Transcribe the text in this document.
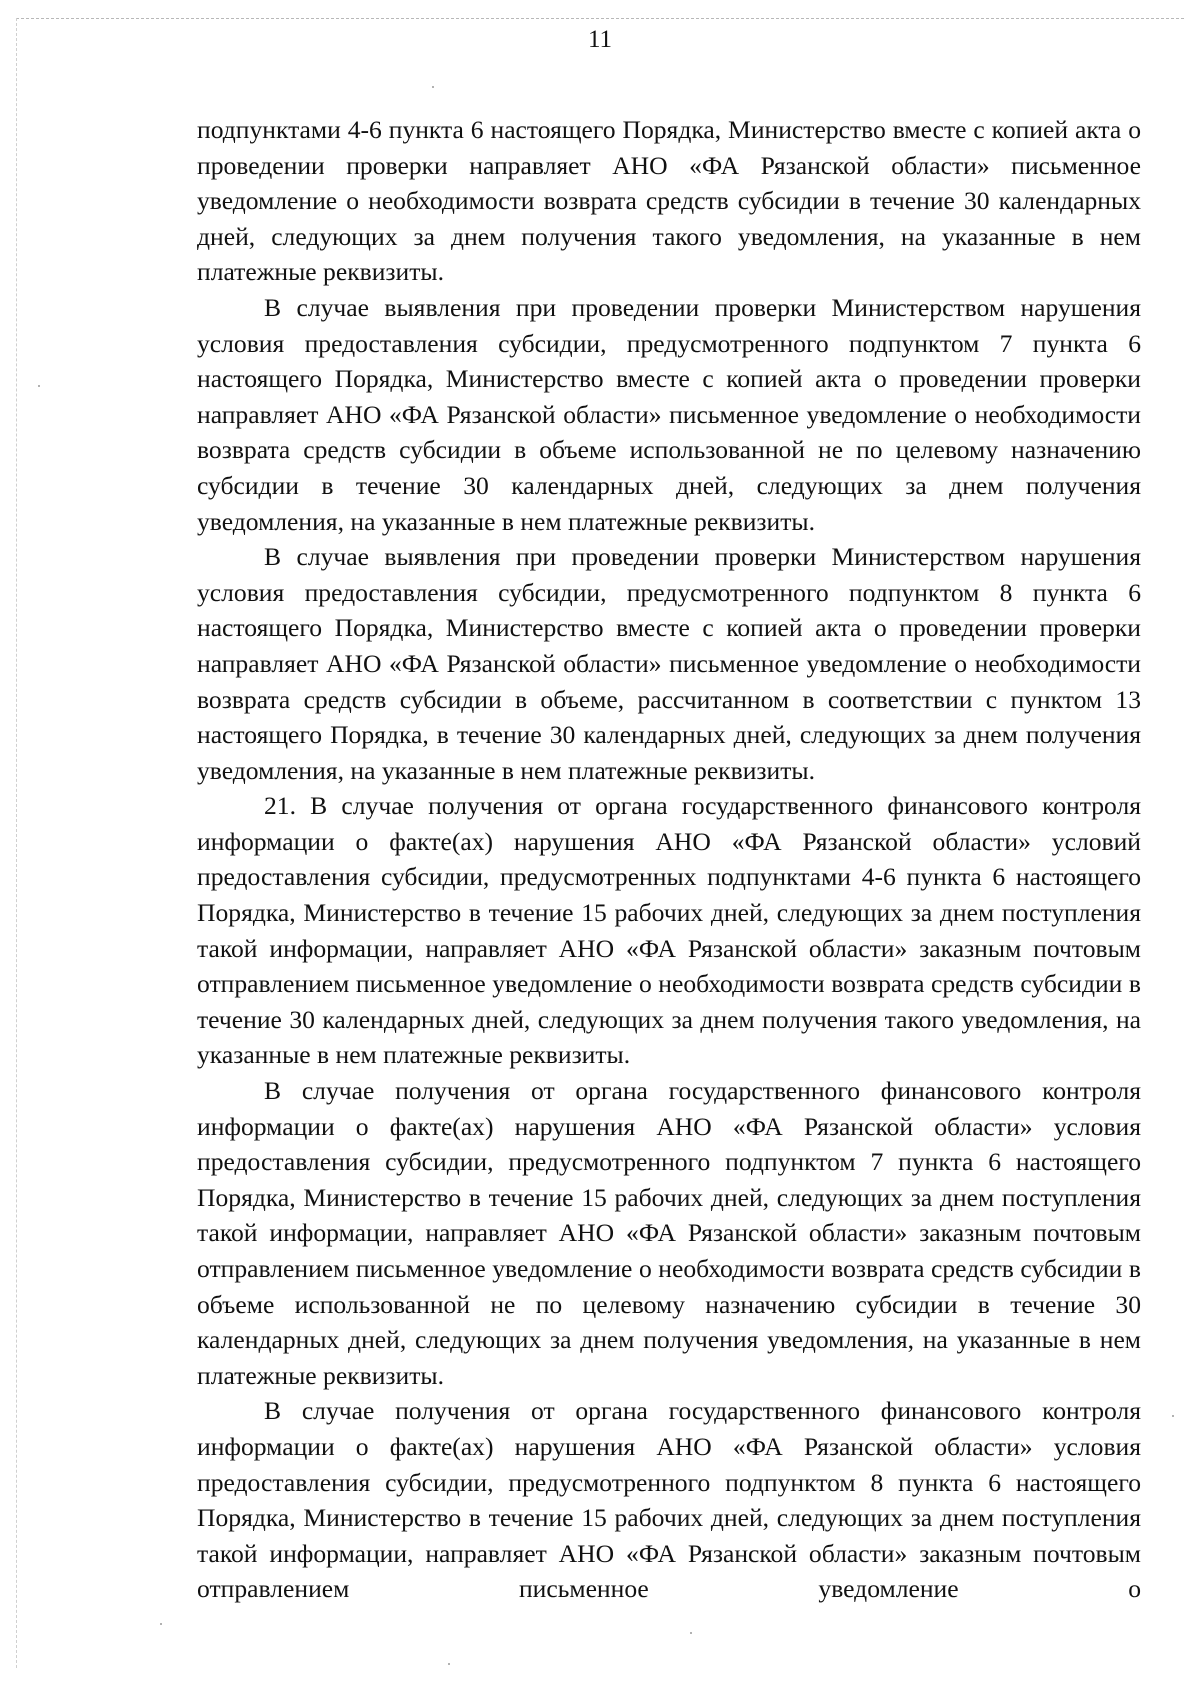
11

подпунктами 4-6 пункта 6 настоящего Порядка, Министерство вместе с копией акта о проведении проверки направляет АНО «ФА Рязанской области» письменное уведомление о необходимости возврата средств субсидии в течение 30 календарных дней, следующих за днем получения такого уведомления, на указанные в нем платежные реквизиты.

В случае выявления при проведении проверки Министерством нарушения условия предоставления субсидии, предусмотренного подпунктом 7 пункта 6 настоящего Порядка, Министерство вместе с копией акта о проведении проверки направляет АНО «ФА Рязанской области» письменное уведомление о необходимости возврата средств субсидии в объеме использованной не по целевому назначению субсидии в течение 30 календарных дней, следующих за днем получения уведомления, на указанные в нем платежные реквизиты.

В случае выявления при проведении проверки Министерством нарушения условия предоставления субсидии, предусмотренного подпунктом 8 пункта 6 настоящего Порядка, Министерство вместе с копией акта о проведении проверки направляет АНО «ФА Рязанской области» письменное уведомление о необходимости возврата средств субсидии в объеме, рассчитанном в соответствии с пунктом 13 настоящего Порядка, в течение 30 календарных дней, следующих за днем получения уведомления, на указанные в нем платежные реквизиты.

21. В случае получения от органа государственного финансового контроля информации о факте(ах) нарушения АНО «ФА Рязанской области» условий предоставления субсидии, предусмотренных подпунктами 4-6 пункта 6 настоящего Порядка, Министерство в течение 15 рабочих дней, следующих за днем поступления такой информации, направляет АНО «ФА Рязанской области» заказным почтовым отправлением письменное уведомление о необходимости возврата средств субсидии в течение 30 календарных дней, следующих за днем получения такого уведомления, на указанные в нем платежные реквизиты.

В случае получения от органа государственного финансового контроля информации о факте(ах) нарушения АНО «ФА Рязанской области» условия предоставления субсидии, предусмотренного подпунктом 7 пункта 6 настоящего Порядка, Министерство в течение 15 рабочих дней, следующих за днем поступления такой информации, направляет АНО «ФА Рязанской области» заказным почтовым отправлением письменное уведомление о необходимости возврата средств субсидии в объеме использованной не по целевому назначению субсидии в течение 30 календарных дней, следующих за днем получения уведомления, на указанные в нем платежные реквизиты.

В случае получения от органа государственного финансового контроля информации о факте(ах) нарушения АНО «ФА Рязанской области» условия предоставления субсидии, предусмотренного подпунктом 8 пункта 6 настоящего Порядка, Министерство в течение 15 рабочих дней, следующих за днем поступления такой информации, направляет АНО «ФА Рязанской области» заказным почтовым отправлением письменное уведомление о
